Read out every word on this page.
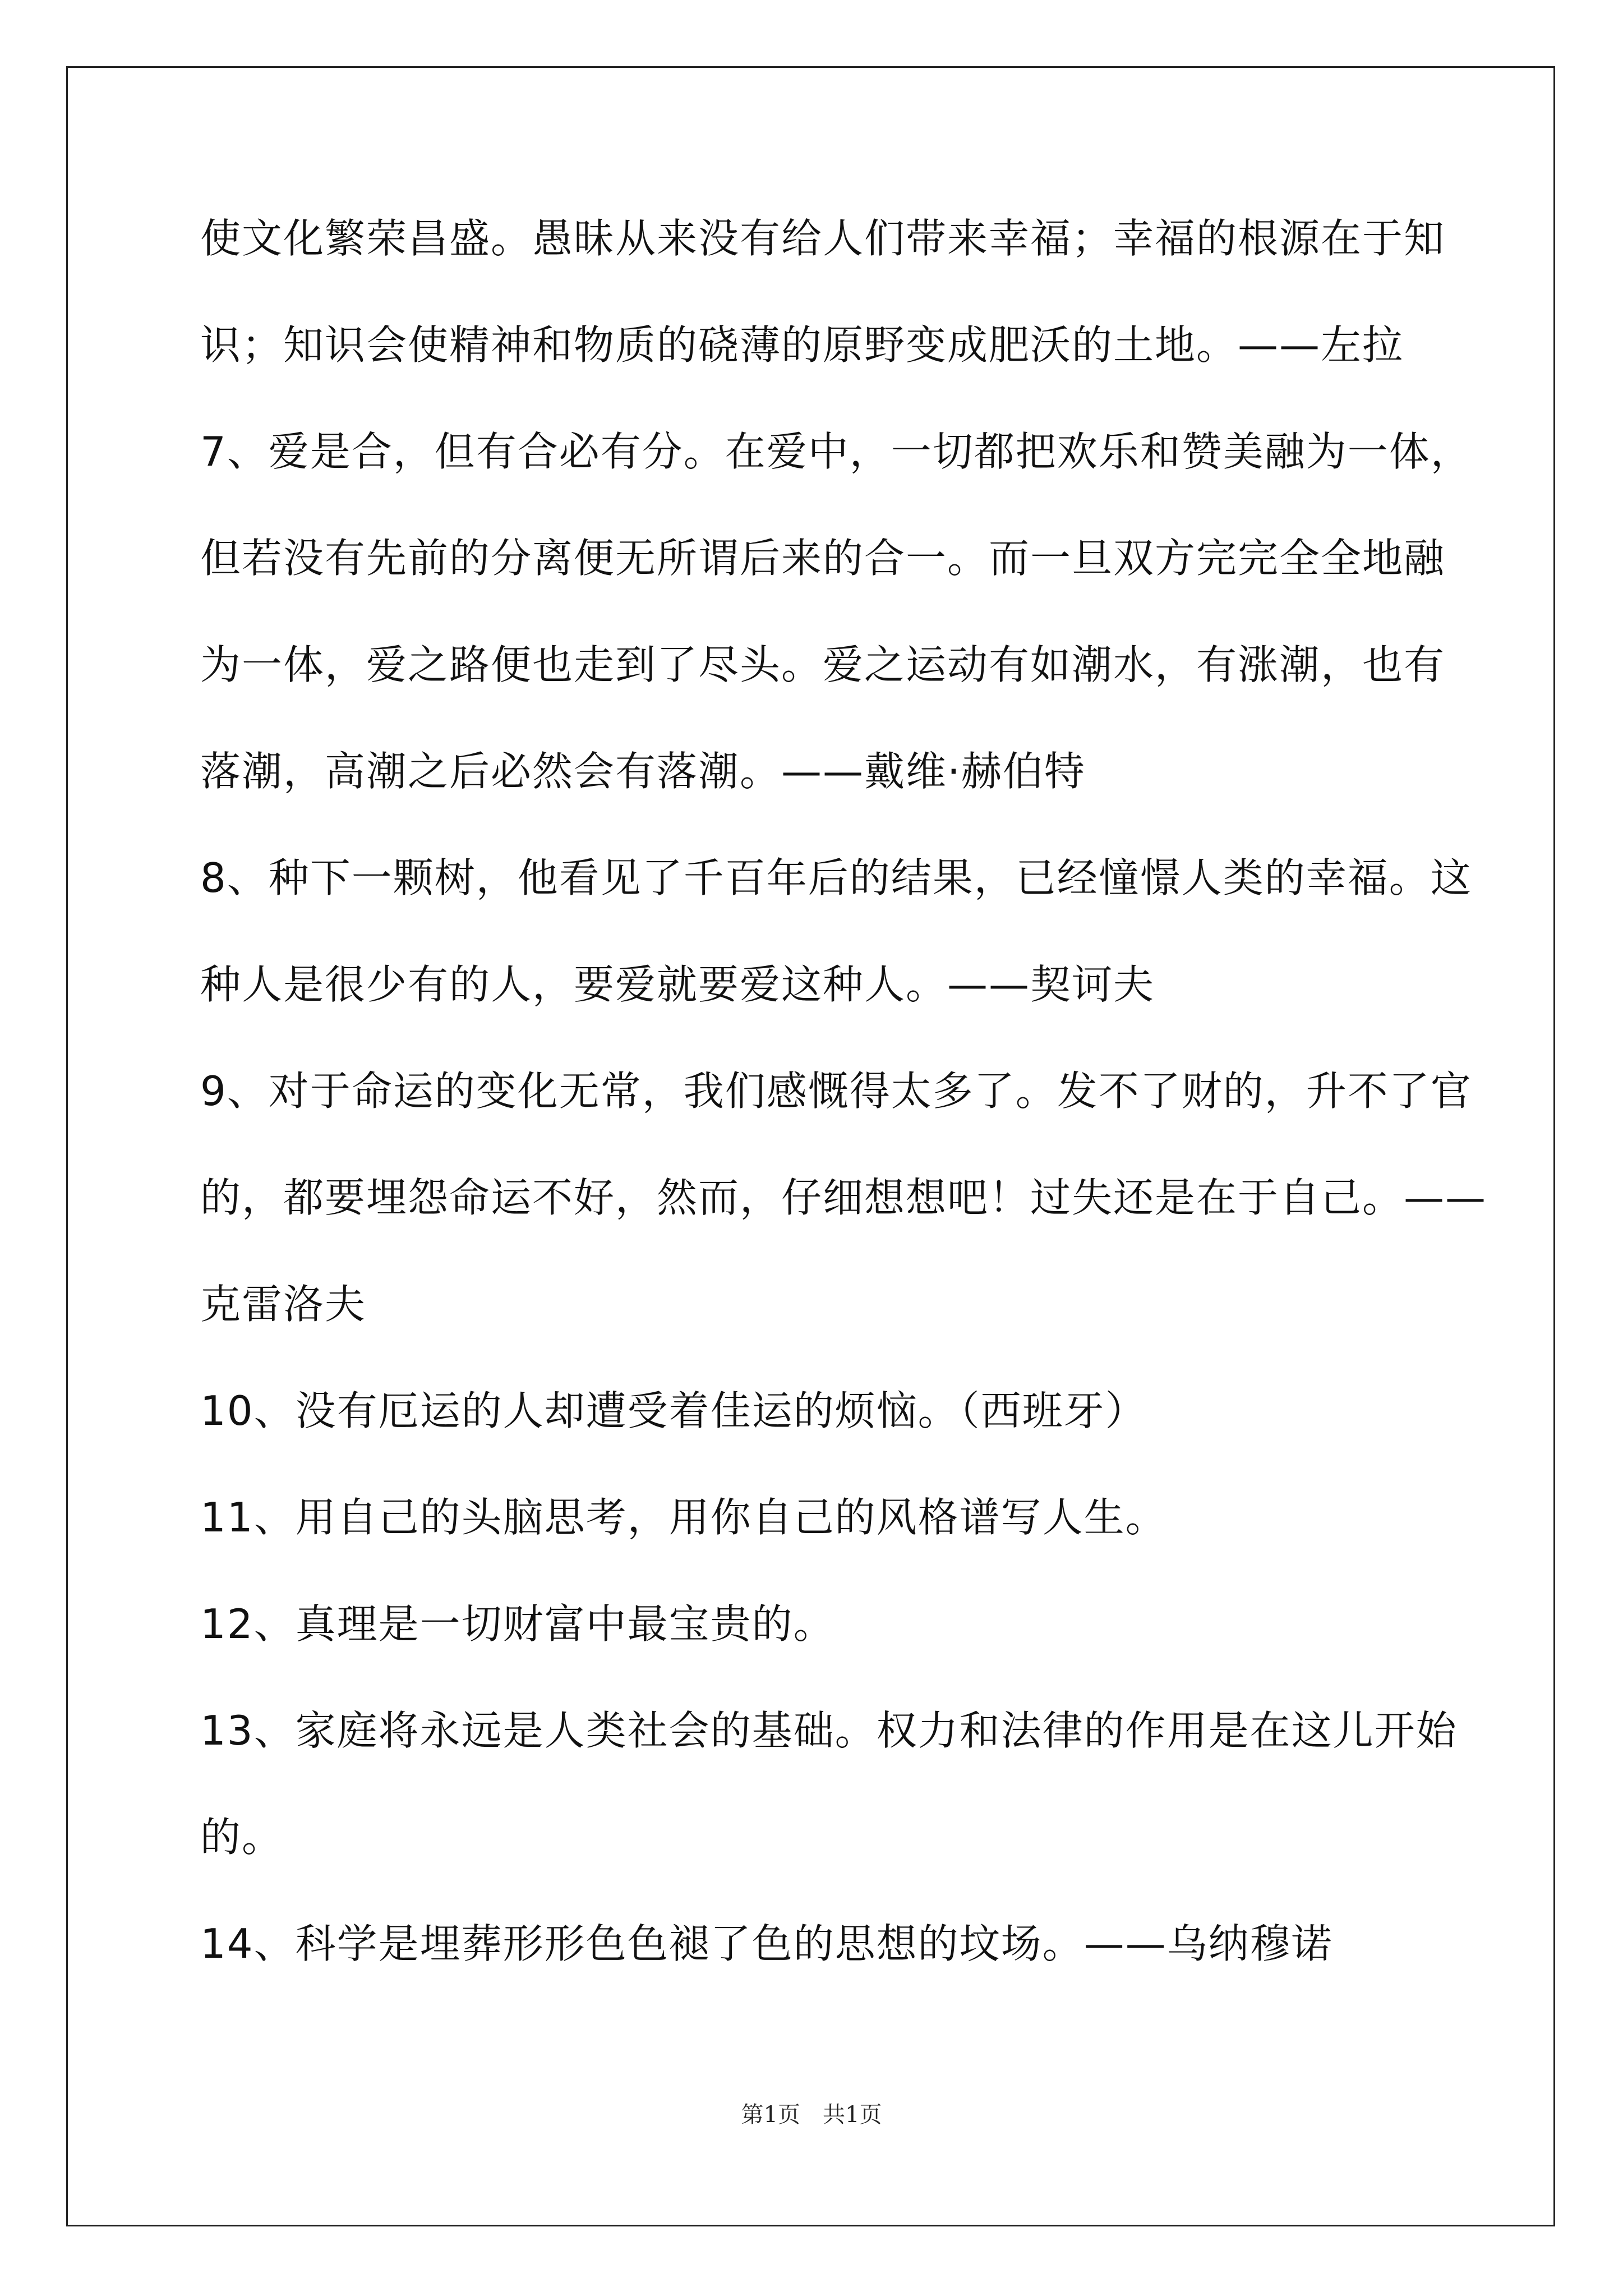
使文化繁荣昌盛。愚昧从来没有给人们带来幸福；幸福的根源在于知
识；知识会使精神和物质的硗薄的原野变成肥沃的土地。——左拉
7、爱是合，但有合必有分。在爱中，一切都把欢乐和赞美融为一体，
但若没有先前的分离便无所谓后来的合一。而一旦双方完完全全地融
为一体，爱之路便也走到了尽头。爱之运动有如潮水，有涨潮，也有
落潮，高潮之后必然会有落潮。——戴维·赫伯特
8、种下一颗树，他看见了千百年后的结果，已经憧憬人类的幸福。这
种人是很少有的人，要爱就要爱这种人。——契诃夫
9、对于命运的变化无常，我们感慨得太多了。发不了财的，升不了官
的，都要埋怨命运不好，然而，仔细想想吧！过失还是在于自己。——
克雷洛夫
10、没有厄运的人却遭受着佳运的烦恼。（西班牙）
11、用自己的头脑思考，用你自己的风格谱写人生。
12、真理是一切财富中最宝贵的。
13、家庭将永远是人类社会的基础。权力和法律的作用是在这儿开始
的。
14、科学是埋葬形形色色褪了色的思想的坟场。——乌纳穆诺
第1页 共1页
